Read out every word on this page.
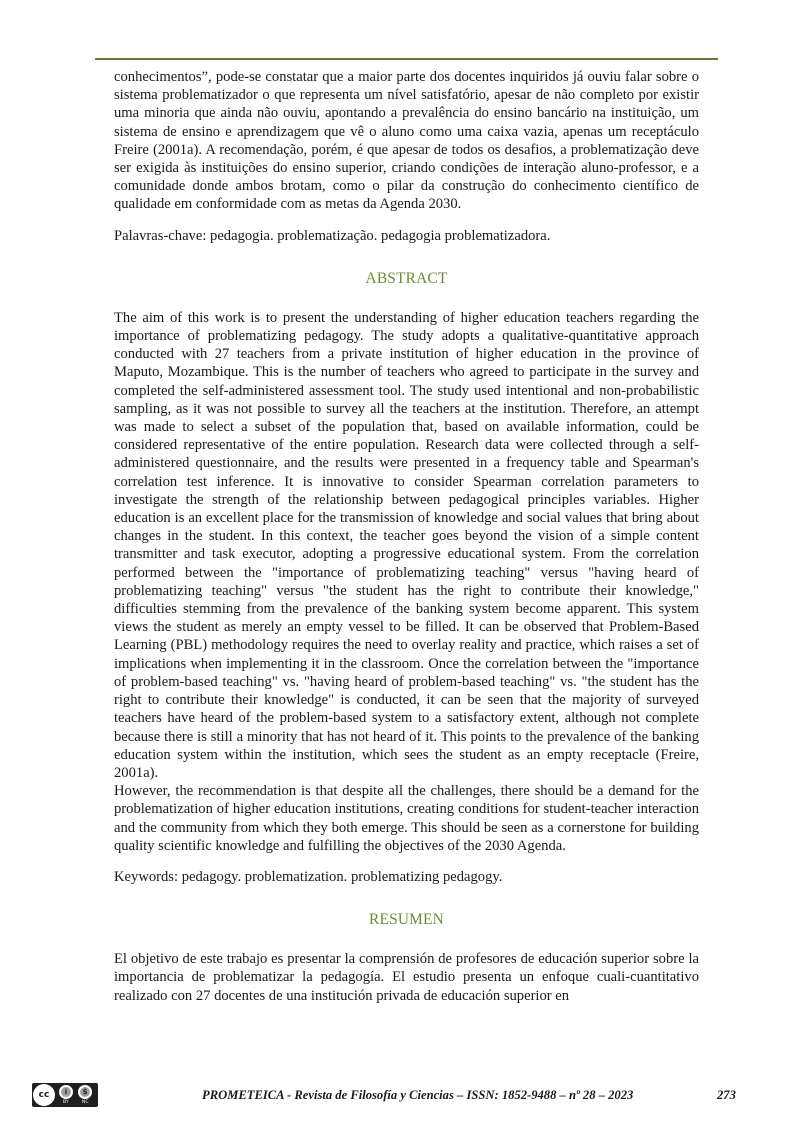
conhecimentos”, pode-se constatar que a maior parte dos docentes inquiridos já ouviu falar sobre o sistema problematizador o que representa um nível satisfatório, apesar de não completo por existir uma minoria que ainda não ouviu, apontando a prevalência do ensino bancário na instituição, um sistema de ensino e aprendizagem que vê o aluno como uma caixa vazia, apenas um receptáculo Freire (2001a). A recomendação, porém, é que apesar de todos os desafios, a problematização deve ser exigida às instituições do ensino superior, criando condições de interação aluno-professor, e a comunidade donde ambos brotam, como o pilar da construção do conhecimento científico de qualidade em conformidade com as metas da Agenda 2030.

Palavras-chave: pedagogia. problematização. pedagogia problematizadora.

ABSTRACT

The aim of this work is to present the understanding of higher education teachers regarding the importance of problematizing pedagogy. The study adopts a qualitative-quantitative approach conducted with 27 teachers from a private institution of higher education in the province of Maputo, Mozambique. This is the number of teachers who agreed to participate in the survey and completed the self-administered assessment tool. The study used intentional and non-probabilistic sampling, as it was not possible to survey all the teachers at the institution. Therefore, an attempt was made to select a subset of the population that, based on available information, could be considered representative of the entire population. Research data were collected through a self-administered questionnaire, and the results were presented in a frequency table and Spearman's correlation test inference. It is innovative to consider Spearman correlation parameters to investigate the strength of the relationship between pedagogical principles variables. Higher education is an excellent place for the transmission of knowledge and social values that bring about changes in the student. In this context, the teacher goes beyond the vision of a simple content transmitter and task executor, adopting a progressive educational system. From the correlation performed between the "importance of problematizing teaching" versus "having heard of problematizing teaching" versus "the student has the right to contribute their knowledge," difficulties stemming from the prevalence of the banking system become apparent. This system views the student as merely an empty vessel to be filled. It can be observed that Problem-Based Learning (PBL) methodology requires the need to overlay reality and practice, which raises a set of implications when implementing it in the classroom. Once the correlation between the "importance of problem-based teaching" vs. "having heard of problem-based teaching" vs. "the student has the right to contribute their knowledge" is conducted, it can be seen that the majority of surveyed teachers have heard of the problem-based system to a satisfactory extent, although not complete because there is still a minority that has not heard of it. This points to the prevalence of the banking education system within the institution, which sees the student as an empty receptacle (Freire, 2001a).

However, the recommendation is that despite all the challenges, there should be a demand for the problematization of higher education institutions, creating conditions for student-teacher interaction and the community from which they both emerge. This should be seen as a cornerstone for building quality scientific knowledge and fulfilling the objectives of the 2030 Agenda.

Keywords: pedagogy. problematization. problematizing pedagogy.

RESUMEN

El objetivo de este trabajo es presentar la comprensión de profesores de educación superior sobre la importancia de problematizar la pedagogía. El estudio presenta un enfoque cuali-cuantitativo realizado con 27 docentes de una institución privada de educación superior en

cc	i	$
BY	NC
PROMETEICA - Revista de Filosofía y Ciencias – ISSN: 1852-9488 – nº 28 – 2023	273
